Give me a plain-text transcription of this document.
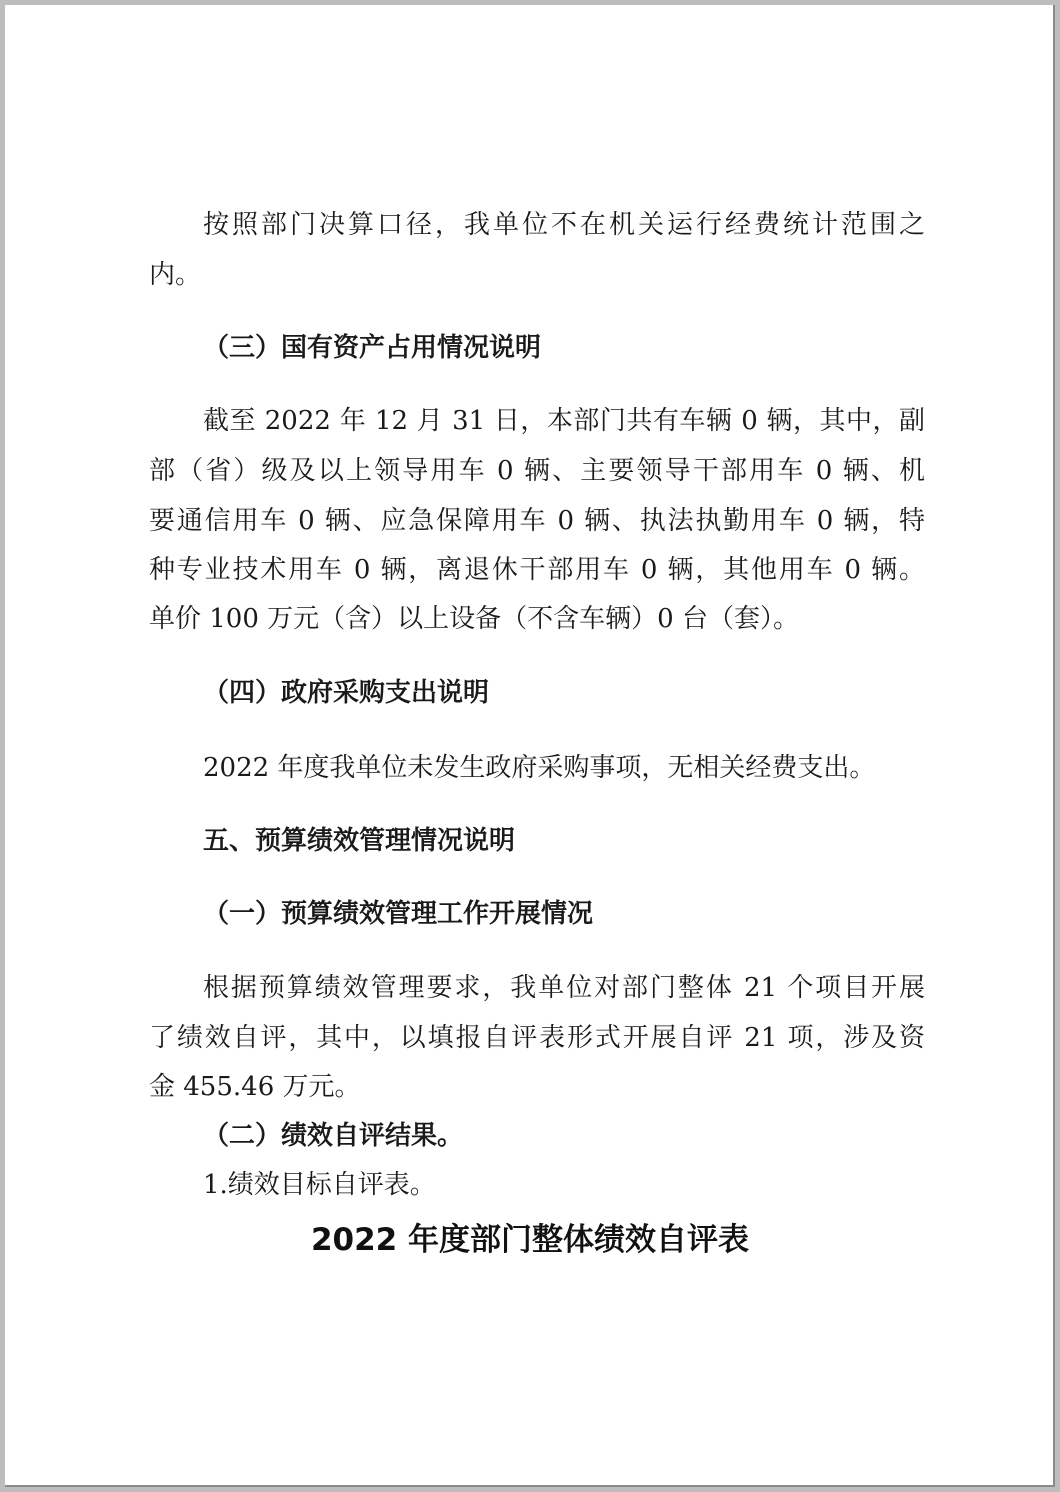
按照部门决算口径，我单位不在机关运行经费统计范围之
内。
（三）国有资产占用情况说明
截至 2022 年 12 月 31 日，本部门共有车辆 0 辆，其中，副
部（省）级及以上领导用车 0 辆、主要领导干部用车 0 辆、机
要通信用车 0 辆、应急保障用车 0 辆、执法执勤用车 0 辆，特
种专业技术用车 0 辆，离退休干部用车 0 辆，其他用车 0 辆。
单价 100 万元（含）以上设备（不含车辆）0 台（套）。
（四）政府采购支出说明
2022 年度我单位未发生政府采购事项，无相关经费支出。
五、预算绩效管理情况说明
（一）预算绩效管理工作开展情况
根据预算绩效管理要求，我单位对部门整体 21 个项目开展
了绩效自评，其中，以填报自评表形式开展自评 21 项，涉及资
金 455.46 万元。
（二）绩效自评结果。
1.绩效目标自评表。
2022 年度部门整体绩效自评表
